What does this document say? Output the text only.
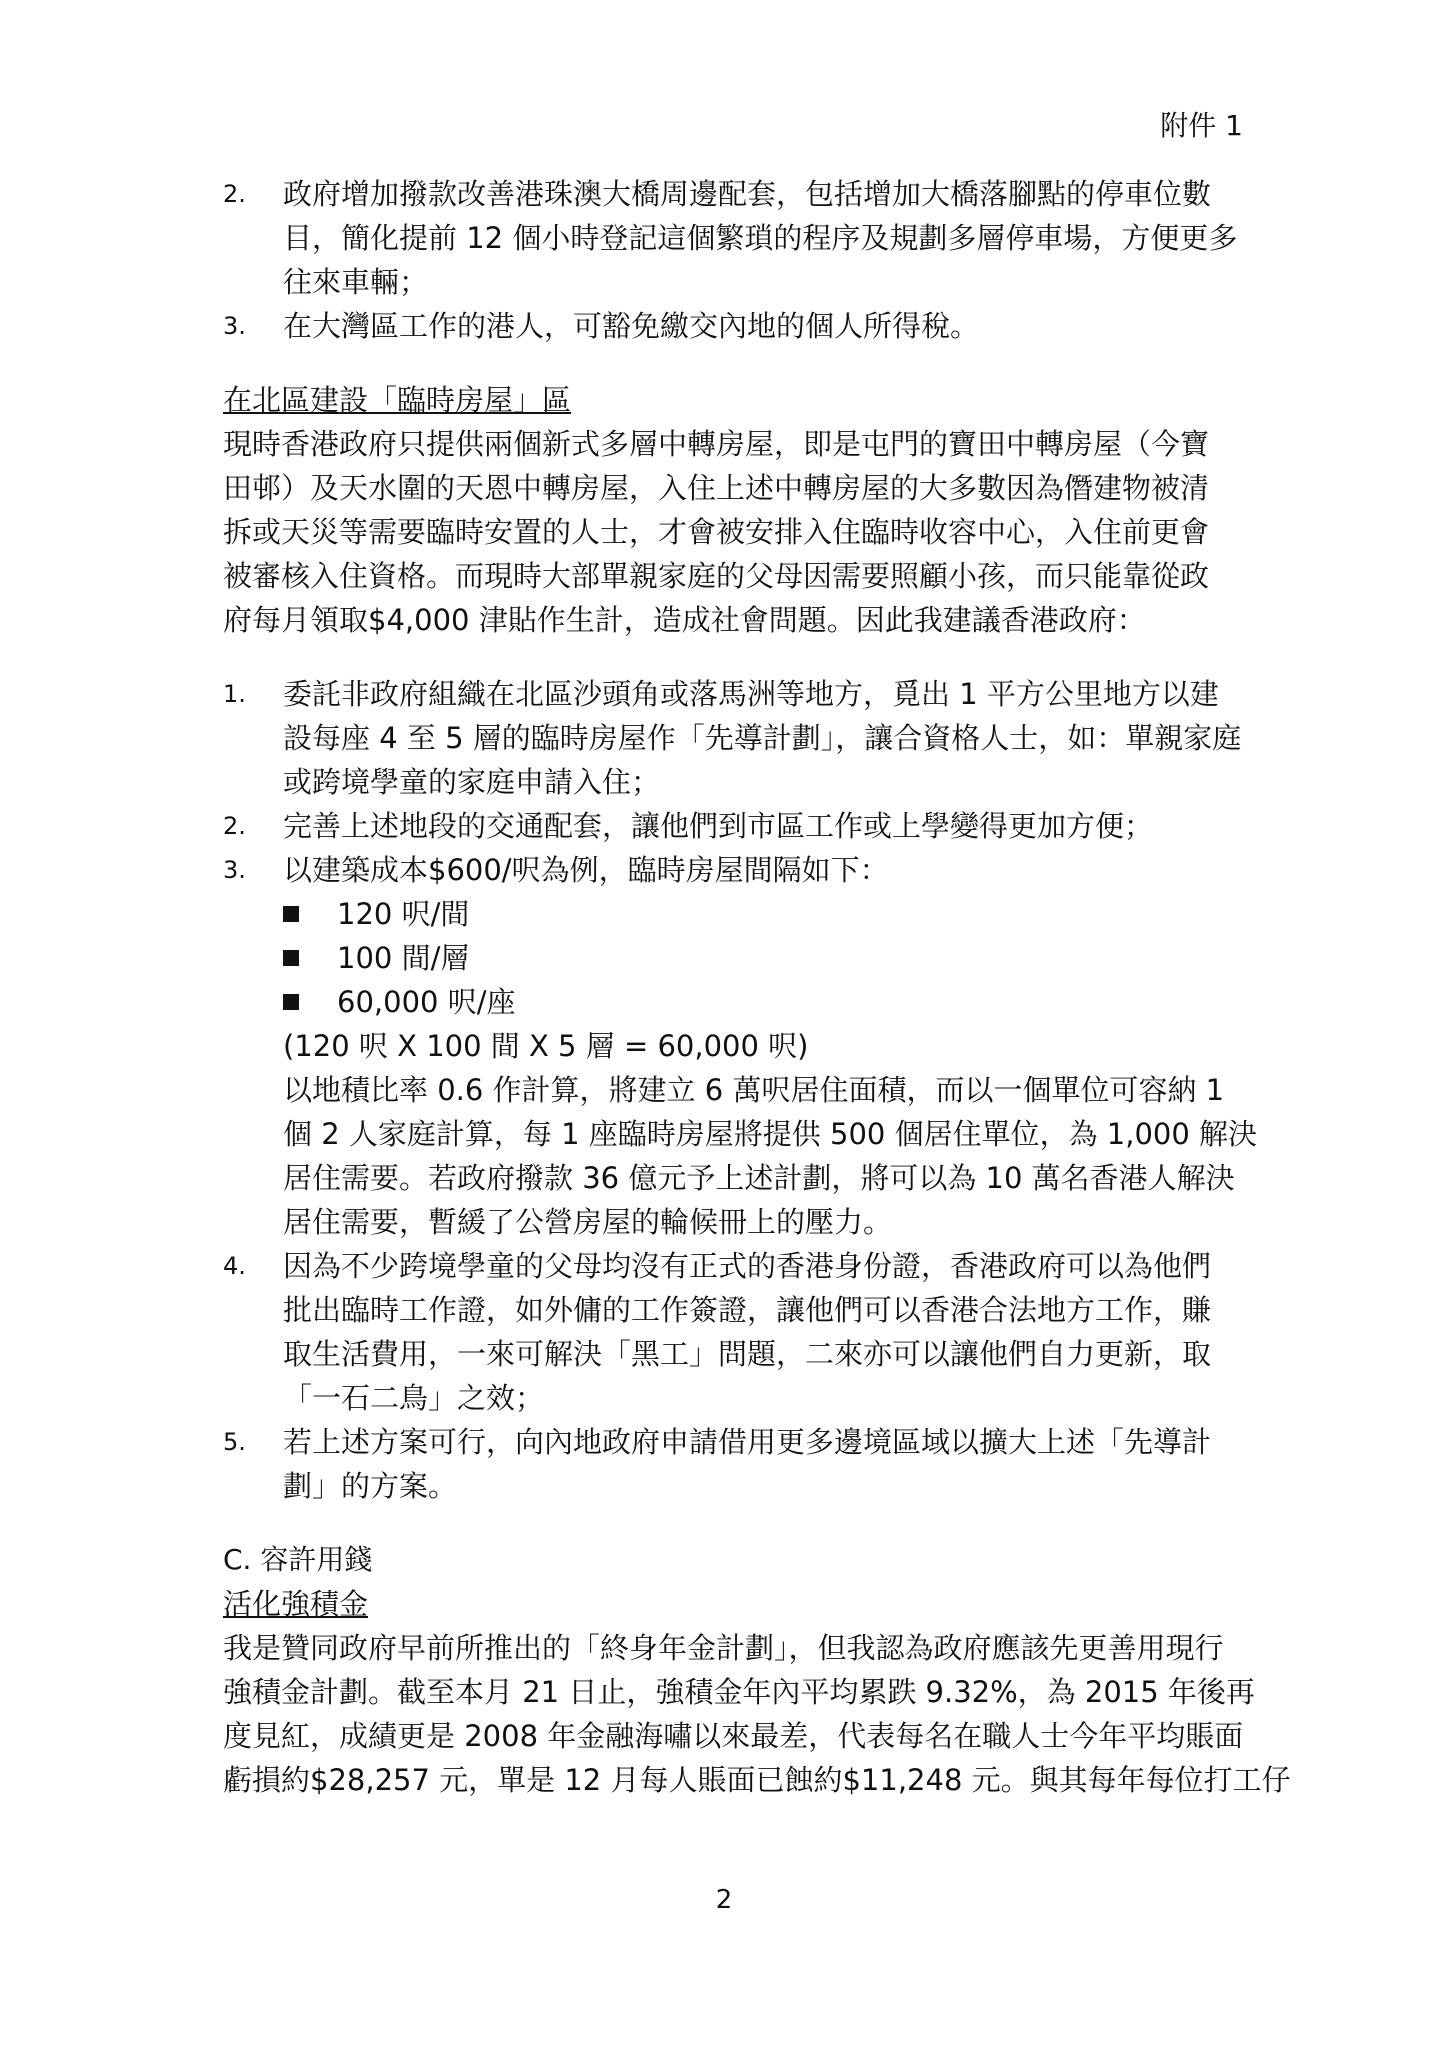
附件 1
2.	政府增加撥款改善港珠澳大橋周邊配套，包括增加大橋落腳點的停車位數
目，簡化提前 12 個小時登記這個繁瑣的程序及規劃多層停車場，方便更多
往來車輛；
3.	在大灣區工作的港人，可豁免繳交內地的個人所得稅。
在北區建設「臨時房屋」區
現時香港政府只提供兩個新式多層中轉房屋，即是屯門的寶田中轉房屋（今寶
田邨）及天水圍的天恩中轉房屋，入住上述中轉房屋的大多數因為僭建物被清
拆或天災等需要臨時安置的人士，才會被安排入住臨時收容中心，入住前更會
被審核入住資格。而現時大部單親家庭的父母因需要照顧小孩，而只能靠從政
府每月領取$4,000 津貼作生計，造成社會問題。因此我建議香港政府：
1.	委託非政府組織在北區沙頭角或落馬洲等地方，覓出 1 平方公里地方以建
設每座 4 至 5 層的臨時房屋作「先導計劃」，讓合資格人士，如：單親家庭
或跨境學童的家庭申請入住；
2.	完善上述地段的交通配套，讓他們到市區工作或上學變得更加方便；
3.	以建築成本$600/呎為例，臨時房屋間隔如下：
120 呎/間
100 間/層
60,000 呎/座
(120 呎 X 100 間 X 5 層 = 60,000 呎)
以地積比率 0.6 作計算，將建立 6 萬呎居住面積，而以一個單位可容納 1
個 2 人家庭計算，每 1 座臨時房屋將提供 500 個居住單位，為 1,000 解決
居住需要。若政府撥款 36 億元予上述計劃，將可以為 10 萬名香港人解決
居住需要，暫緩了公營房屋的輪候冊上的壓力。
4.	因為不少跨境學童的父母均沒有正式的香港身份證，香港政府可以為他們
批出臨時工作證，如外傭的工作簽證，讓他們可以香港合法地方工作，賺
取生活費用，一來可解決「黑工」問題，二來亦可以讓他們自力更新，取
「一石二鳥」之效；
5.	若上述方案可行，向內地政府申請借用更多邊境區域以擴大上述「先導計
劃」的方案。
C. 容許用錢
活化強積金
我是贊同政府早前所推出的「終身年金計劃」，但我認為政府應該先更善用現行
強積金計劃。截至本月 21 日止，強積金年內平均累跌 9.32%，為 2015 年後再
度見紅，成績更是 2008 年金融海嘯以來最差，代表每名在職人士今年平均賬面
虧損約$28,257 元，單是 12 月每人賬面已蝕約$11,248 元。與其每年每位打工仔
2
